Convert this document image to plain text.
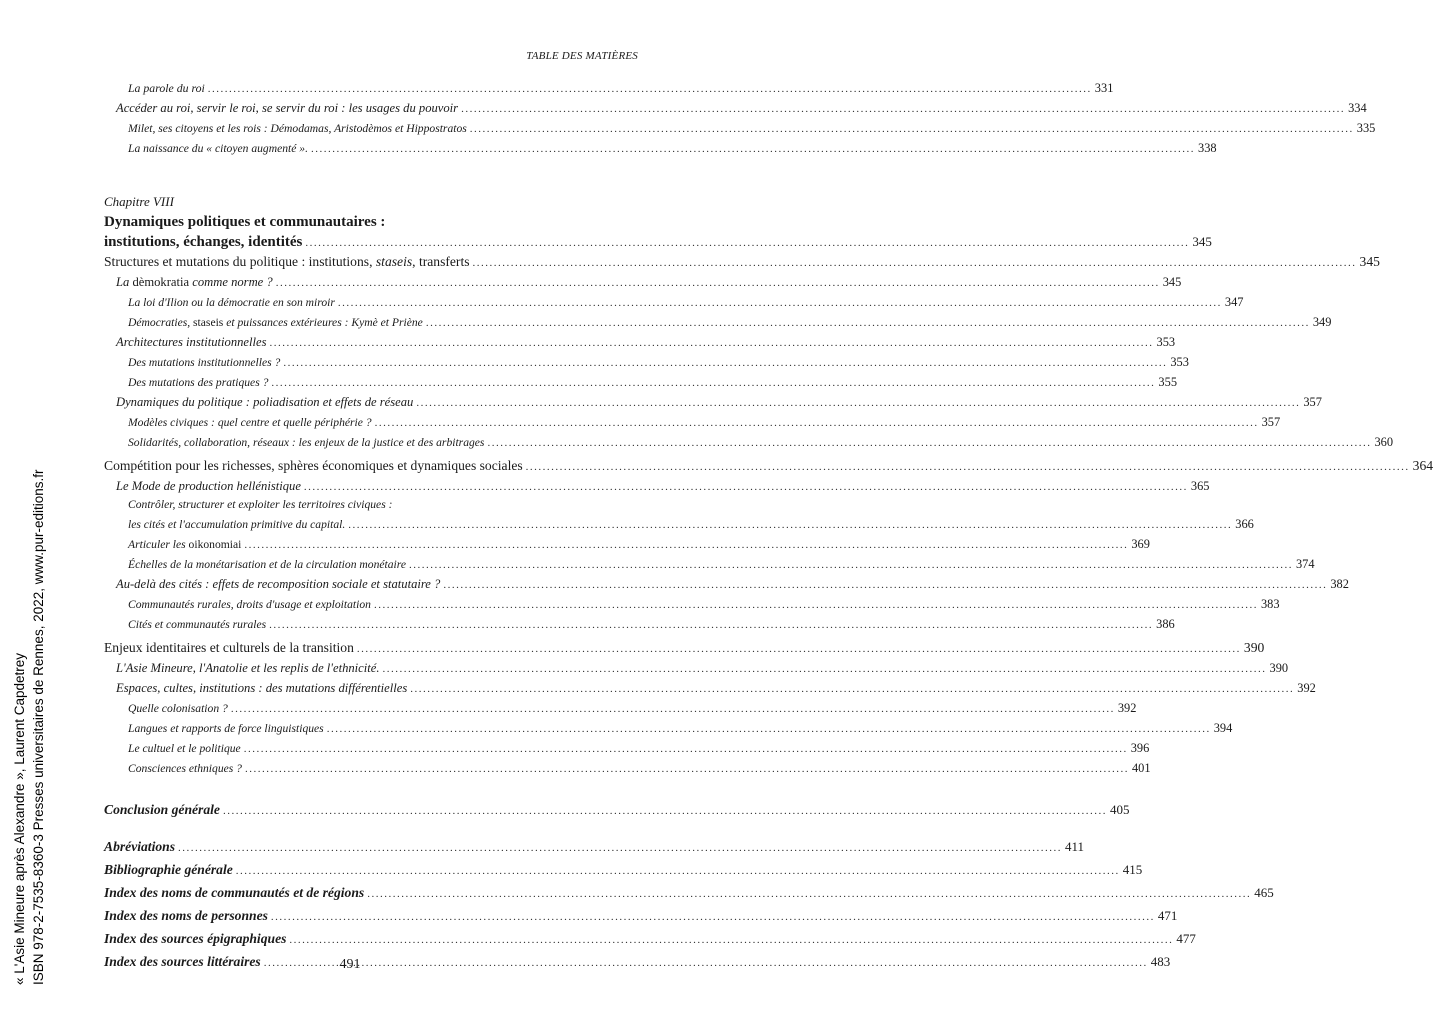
TABLE DES MATIÈRES
La parole du roi .....	331
Accéder au roi, servir le roi, se servir du roi : les usages du pouvoir .....	334
Milet, ses citoyens et les rois : Démodamas, Aristodèmos et Hippostratos .....	335
La naissance du « citoyen augmenté ». .....	338
Chapitre VIII
Dynamiques politiques et communautaires :
institutions, échanges, identités .....	345
Structures et mutations du politique : institutions, staseis, transferts .....	345
La dèmokratia comme norme ? .....	345
La loi d'Ilion ou la démocratie en son miroir .....	347
Démocraties, staseis et puissances extérieures : Kymè et Priène .....	349
Architectures institutionnelles .....	353
Des mutations institutionnelles ? .....	353
Des mutations des pratiques ? .....	355
Dynamiques du politique : poliadisation et effets de réseau .....	357
Modèles civiques : quel centre et quelle périphérie ? .....	357
Solidarités, collaboration, réseaux : les enjeux de la justice et des arbitrages .....	360
Compétition pour les richesses, sphères économiques et dynamiques sociales .....	364
Le Mode de production hellénistique .....	365
Contrôler, structurer et exploiter les territoires civiques :
les cités et l'accumulation primitive du capital. .....	366
Articuler les oikonomiai .....	369
Échelles de la monétarisation et de la circulation monétaire .....	374
Au-delà des cités : effets de recomposition sociale et statutaire ? .....	382
Communautés rurales, droits d'usage et exploitation .....	383
Cités et communautés rurales .....	386
Enjeux identitaires et culturels de la transition .....	390
L'Asie Mineure, l'Anatolie et les replis de l'ethnicité. .....	390
Espaces, cultes, institutions : des mutations différentielles .....	392
Quelle colonisation ? .....	392
Langues et rapports de force linguistiques .....	394
Le cultuel et le politique .....	396
Consciences ethniques ? .....	401
Conclusion générale .....	405
Abréviations .....	411
Bibliographie générale .....	415
Index des noms de communautés et de régions .....	465
Index des noms de personnes .....	471
Index des sources épigraphiques .....	477
Index des sources littéraires .....	483
491
« L'Asie Mineure après Alexandre », Laurent Capdetrey ISBN 978-2-7535-8360-3 Presses universitaires de Rennes, 2022, www.pur-editions.fr
